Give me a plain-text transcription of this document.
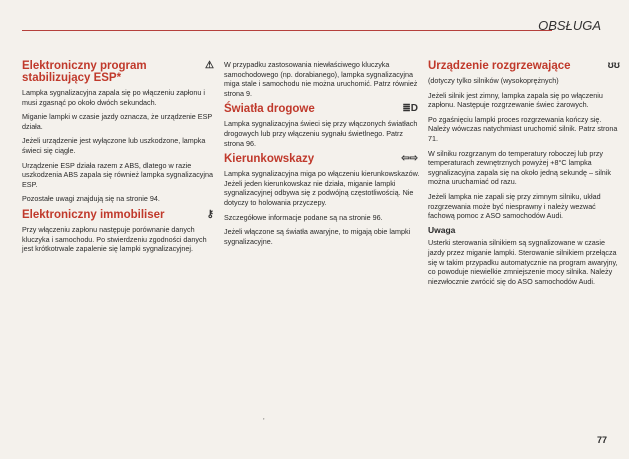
OBSŁUGA
Elektroniczny program stabilizujący ESP*
⚠

Lampka sygnalizacyjna zapala się po włączeniu zapłonu i musi zgasnąć po około dwóch sekundach.

Miganie lampki w czasie jazdy oznacza, że urządzenie ESP działa.

Jeżeli urządzenie jest wyłączone lub uszkodzone, lampka świeci się ciągle.

Urządzenie ESP działa razem z ABS, dlatego w razie uszkodzenia ABS zapala się również lampka sygnalizacyjna ESP.

Pozostałe uwagi znajdują się na stronie 94.

Elektroniczny immobiliser	⚷

Przy włączeniu zapłonu następuje porównanie danych kluczyka i samochodu. Po stwierdzeniu zgodności danych jest krótkotrwale zapalenie się lampki sygnalizacyjnej.

W przypadku zastosowania niewłaściwego kluczyka samochodowego (np. dorabianego), lampka sygnalizacyjna miga stale i samochodu nie można uruchomić. Patrz również strona 9.

Światła drogowe	≣D

Lampka sygnalizacyjna świeci się przy włączonych światłach drogowych lub przy włączeniu sygnału świetlnego. Patrz strona 96.

Kierunkowskazy	⇦⇨

Lampka sygnalizacyjna miga po włączeniu kierunkowskazów. Jeżeli jeden kierunkowskaz nie działa, miganie lampki sygnalizacyjnej odbywa się z podwójną częstotliwością. Nie dotyczy to holowania przyczepy.

Szczegółowe informacje podane są na stronie 96.

Jeżeli włączone są światła awaryjne, to migają obie lampki sygnalizacyjne.

Urządzenie rozgrzewające	ʊʊ

(dotyczy tylko silników (wysokoprężnych)

Jeżeli silnik jest zimny, lampka zapala się po włączeniu zapłonu. Następuje rozgrzewanie świec żarowych.

Po zgaśnięciu lampki proces rozgrzewania kończy się. Należy wówczas natychmiast uruchomić silnik. Patrz strona 71.

W silniku rozgrzanym do temperatury roboczej lub przy temperaturach zewnętrznych powyżej +8°C lampka sygnalizacyjna zapala się na około jedną sekundę – silnik można uruchamiać od razu.

Jeżeli lampka nie zapali się przy zimnym silniku, układ rozgrzewania może być niesprawny i należy wezwać fachową pomoc z ASO samochodów Audi.

Uwaga

Usterki sterowania silnikiem są sygnalizowane w czasie jazdy przez miganie lampki. Sterowanie silnikiem przełącza się w takim przypadku automatycznie na program awaryjny, co powoduje niewielkie zmniejszenie mocy silnika. Należy niezwłocznie zwrócić się do ASO samochodów Audi.

,
77
